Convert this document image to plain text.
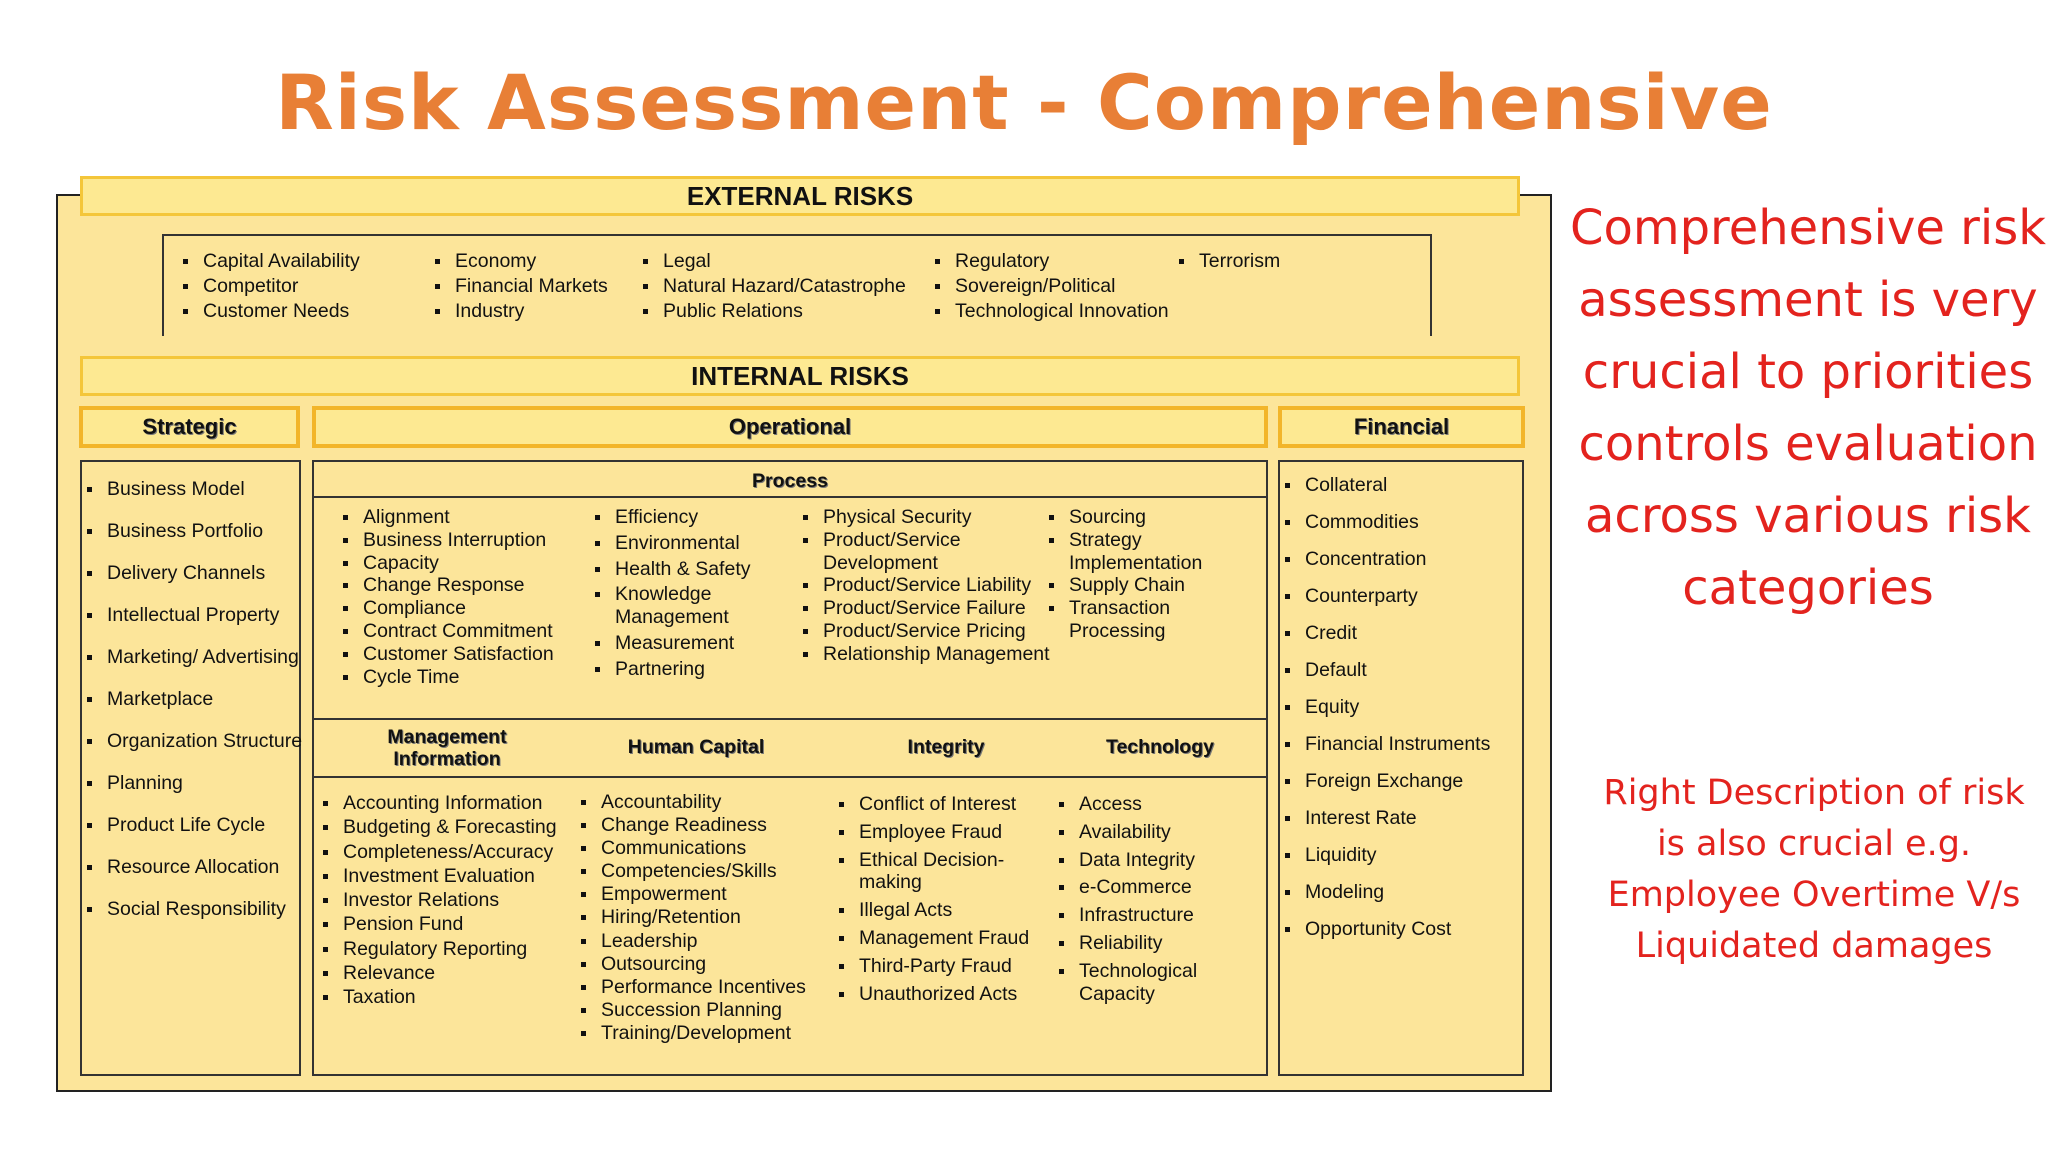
Risk Assessment - Comprehensive
EXTERNAL RISKS
Capital Availability
Competitor
Customer Needs
Economy
Financial Markets
Industry
Legal
Natural Hazard/Catastrophe
Public Relations
Regulatory
Sovereign/Political
Technological Innovation
Terrorism
INTERNAL RISKS
Strategic	Operational	Financial
Business Model
Business Portfolio
Delivery Channels
Intellectual Property
Marketing/ Advertising
Marketplace
Organization Structure
Planning
Product Life Cycle
Resource Allocation
Social Responsibility
Process
Alignment
Business Interruption
Capacity
Change Response
Compliance
Contract Commitment
Customer Satisfaction
Cycle Time
Efficiency
Environmental
Health & Safety
Knowledge Management
Measurement
Partnering
Physical Security
Product/Service Development
Product/Service Liability
Product/Service Failure
Product/Service Pricing
Relationship Management
Sourcing
Strategy Implementation
Supply Chain
Transaction Processing
Management Information
Human Capital	Integrity	Technology
Accounting Information
Budgeting & Forecasting
Completeness/Accuracy
Investment Evaluation
Investor Relations
Pension Fund
Regulatory Reporting
Relevance
Taxation
Accountability
Change Readiness
Communications
Competencies/Skills
Empowerment
Hiring/Retention
Leadership
Outsourcing
Performance Incentives
Succession Planning
Training/Development
Conflict of Interest
Employee Fraud
Ethical Decision- making
Illegal Acts
Management Fraud
Third-Party Fraud
Unauthorized Acts
Access
Availability
Data Integrity
e-Commerce
Infrastructure
Reliability
Technological Capacity
Collateral
Commodities
Concentration
Counterparty
Credit
Default
Equity
Financial Instruments
Foreign Exchange
Interest Rate
Liquidity
Modeling
Opportunity Cost
Comprehensive risk assessment is very crucial to priorities controls evaluation across various risk categories
Right Description of risk is also crucial e.g. Employee Overtime V/s Liquidated damages
